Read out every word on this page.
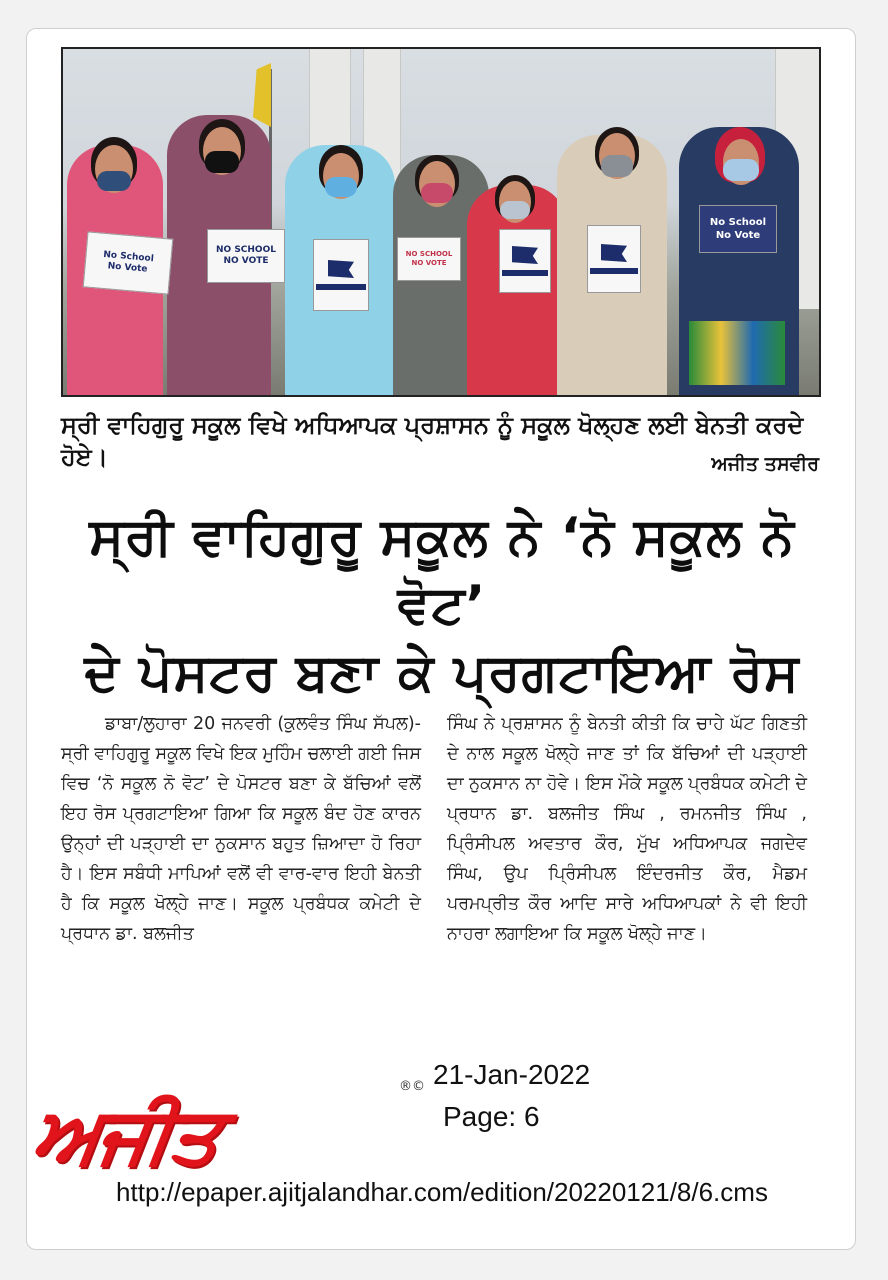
No School
No Vote
NO SCHOOL
NO VOTE
NO SCHOOL NO VOTE
No School
No Vote
ਸ੍ਰੀ ਵਾਹਿਗੁਰੂ ਸਕੂਲ ਵਿਖੇ ਅਧਿਆਪਕ ਪ੍ਰਸ਼ਾਸਨ ਨੂੰ ਸਕੂਲ ਖੋਲ੍ਹਣ ਲਈ ਬੇਨਤੀ ਕਰਦੇ ਹੋਏ।	ਅਜੀਤ ਤਸਵੀਰ
ਸ੍ਰੀ ਵਾਹਿਗੁਰੂ ਸਕੂਲ ਨੇ ‘ਨੋ ਸਕੂਲ ਨੋ ਵੋਟ’
ਦੇ ਪੋਸਟਰ ਬਣਾ ਕੇ ਪ੍ਰਗਟਾਇਆ ਰੋਸ
ਡਾਬਾ/ਲੁਹਾਰਾ 20 ਜਨਵਰੀ (ਕੁਲਵੰਤ ਸਿੰਘ ਸੱਪਲ)- ਸ੍ਰੀ ਵਾਹਿਗੁਰੂ ਸਕੂਲ ਵਿਖੇ ਇਕ ਮੁਹਿੰਮ ਚਲਾਈ ਗਈ ਜਿਸ ਵਿਚ ‘ਨੋ ਸਕੂਲ ਨੋ ਵੋਟ’ ਦੇ ਪੋਸਟਰ ਬਣਾ ਕੇ ਬੱਚਿਆਂ ਵਲੋਂ ਇਹ ਰੋਸ ਪ੍ਰਗਟਾਇਆ ਗਿਆ ਕਿ ਸਕੂਲ ਬੰਦ ਹੋਣ ਕਾਰਨ ਉਨ੍ਹਾਂ ਦੀ ਪੜ੍ਹਾਈ ਦਾ ਨੁਕਸਾਨ ਬਹੁਤ ਜ਼ਿਆਦਾ ਹੋ ਰਿਹਾ ਹੈ। ਇਸ ਸਬੰਧੀ ਮਾਪਿਆਂ ਵਲੋਂ ਵੀ ਵਾਰ-ਵਾਰ ਇਹੀ ਬੇਨਤੀ ਹੈ ਕਿ ਸਕੂਲ ਖੋਲ੍ਹੇ ਜਾਣ। ਸਕੂਲ ਪ੍ਰਬੰਧਕ ਕਮੇਟੀ ਦੇ ਪ੍ਰਧਾਨ ਡਾ. ਬਲਜੀਤ
ਸਿੰਘ ਨੇ ਪ੍ਰਸ਼ਾਸਨ ਨੂੰ ਬੇਨਤੀ ਕੀਤੀ ਕਿ ਚਾਹੇ ਘੱਟ ਗਿਣਤੀ ਦੇ ਨਾਲ ਸਕੂਲ ਖੋਲ੍ਹੇ ਜਾਣ ਤਾਂ ਕਿ ਬੱਚਿਆਂ ਦੀ ਪੜ੍ਹਾਈ ਦਾ ਨੁਕਸਾਨ ਨਾ ਹੋਵੇ। ਇਸ ਮੌਕੇ ਸਕੂਲ ਪ੍ਰਬੰਧਕ ਕਮੇਟੀ ਦੇ ਪ੍ਰਧਾਨ ਡਾ. ਬਲਜੀਤ ਸਿੰਘ , ਰਮਨਜੀਤ ਸਿੰਘ , ਪ੍ਰਿੰਸੀਪਲ ਅਵਤਾਰ ਕੌਰ, ਮੁੱਖ ਅਧਿਆਪਕ ਜਗਦੇਵ ਸਿੰਘ, ਉਪ ਪ੍ਰਿੰਸੀਪਲ ਇੰਦਰਜੀਤ ਕੌਰ, ਮੈਡਮ ਪਰਮਪ੍ਰੀਤ ਕੌਰ ਆਦਿ ਸਾਰੇ ਅਧਿਆਪਕਾਂ ਨੇ ਵੀ ਇਹੀ ਨਾਹਰਾ ਲਗਾਇਆ ਕਿ ਸਕੂਲ ਖੋਲ੍ਹੇ ਜਾਣ।
ਅਜੀਤ
®© 21-Jan-2022
Page: 6
http://epaper.ajitjalandhar.com/edition/20220121/8/6.cms
